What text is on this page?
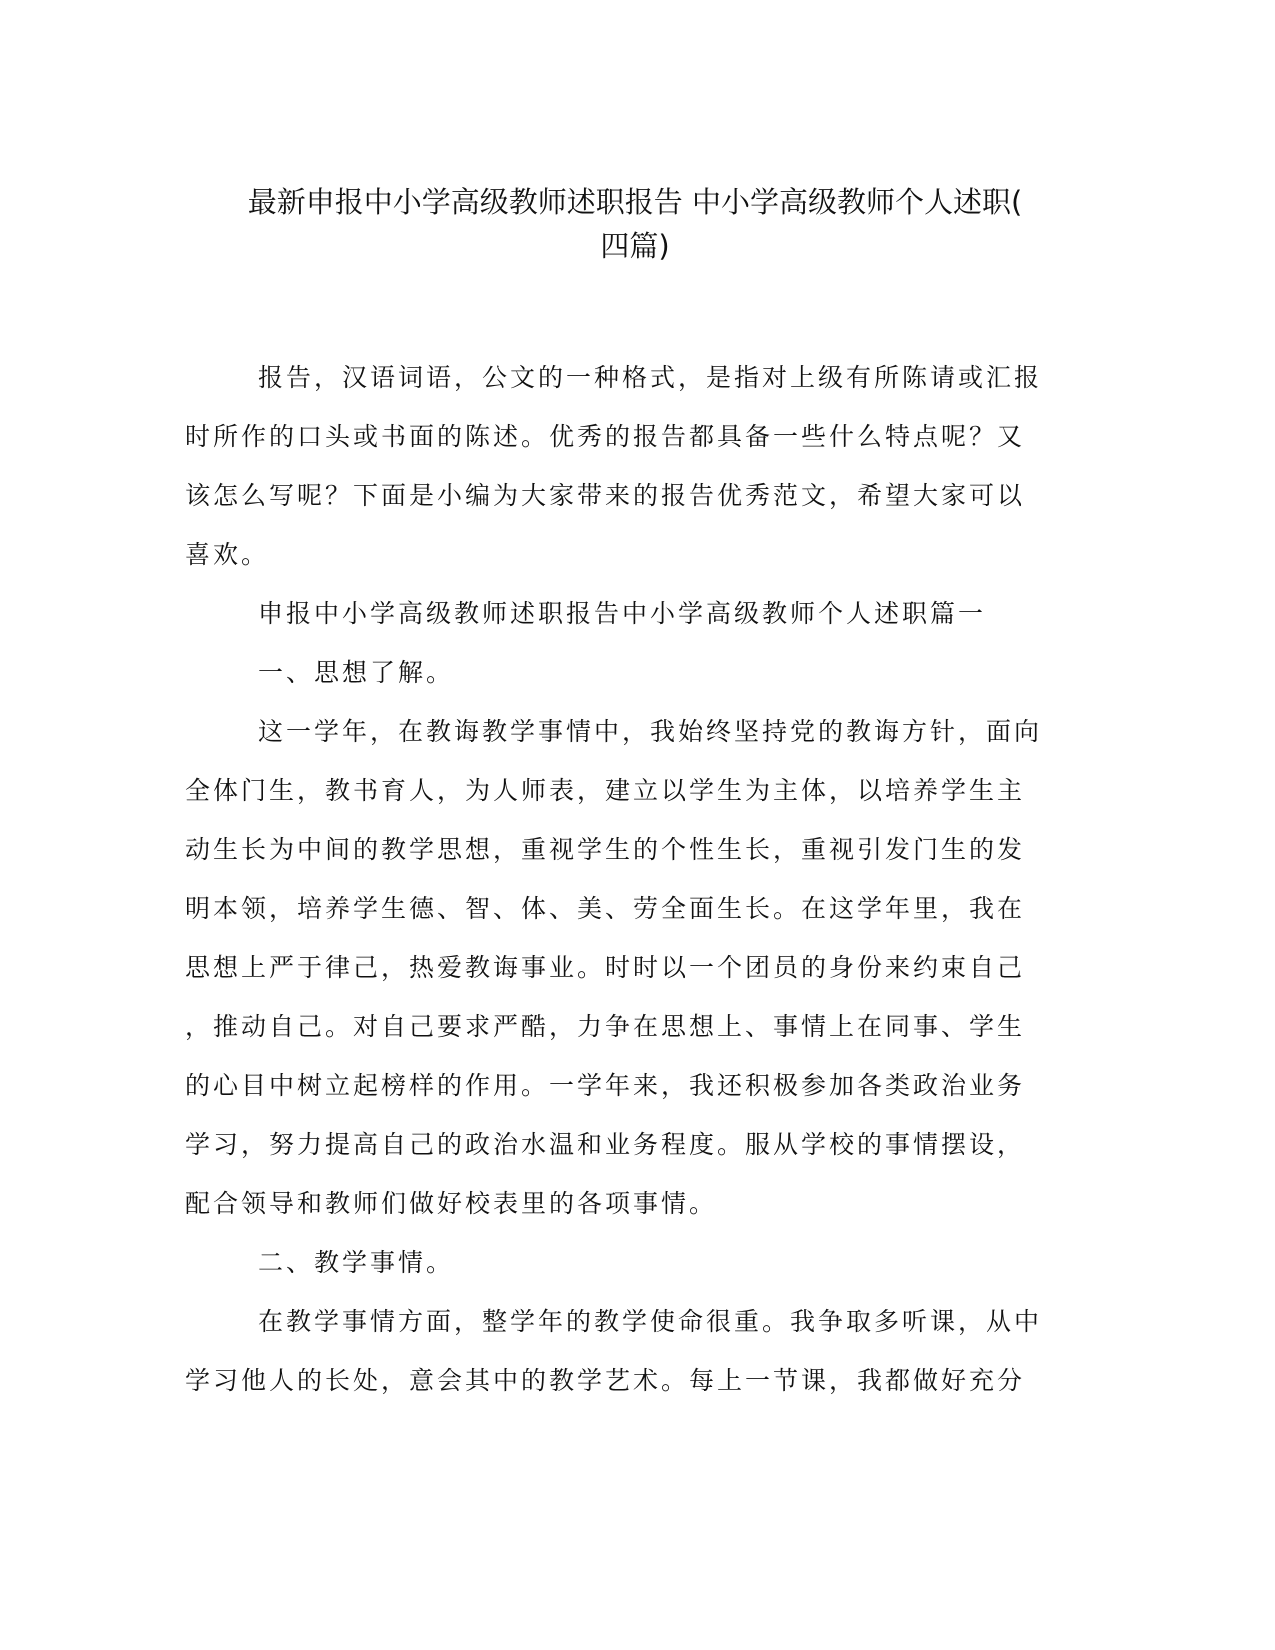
最新申报中小学高级教师述职报告 中小学高级教师个人述职(
四篇)

报告，汉语词语，公文的一种格式，是指对上级有所陈请或汇报
时所作的口头或书面的陈述。优秀的报告都具备一些什么特点呢？又
该怎么写呢？下面是小编为大家带来的报告优秀范文，希望大家可以
喜欢。

申报中小学高级教师述职报告中小学高级教师个人述职篇一

一、思想了解。

这一学年，在教诲教学事情中，我始终坚持党的教诲方针，面向
全体门生，教书育人，为人师表，建立以学生为主体，以培养学生主
动生长为中间的教学思想，重视学生的个性生长，重视引发门生的发
明本领，培养学生德、智、体、美、劳全面生长。在这学年里，我在
思想上严于律己，热爱教诲事业。时时以一个团员的身份来约束自己
，推动自己。对自己要求严酷，力争在思想上、事情上在同事、学生
的心目中树立起榜样的作用。一学年来，我还积极参加各类政治业务
学习，努力提高自己的政治水温和业务程度。服从学校的事情摆设，
配合领导和教师们做好校表里的各项事情。

二、教学事情。

在教学事情方面，整学年的教学使命很重。我争取多听课，从中
学习他人的长处，意会其中的教学艺术。每上一节课，我都做好充分
